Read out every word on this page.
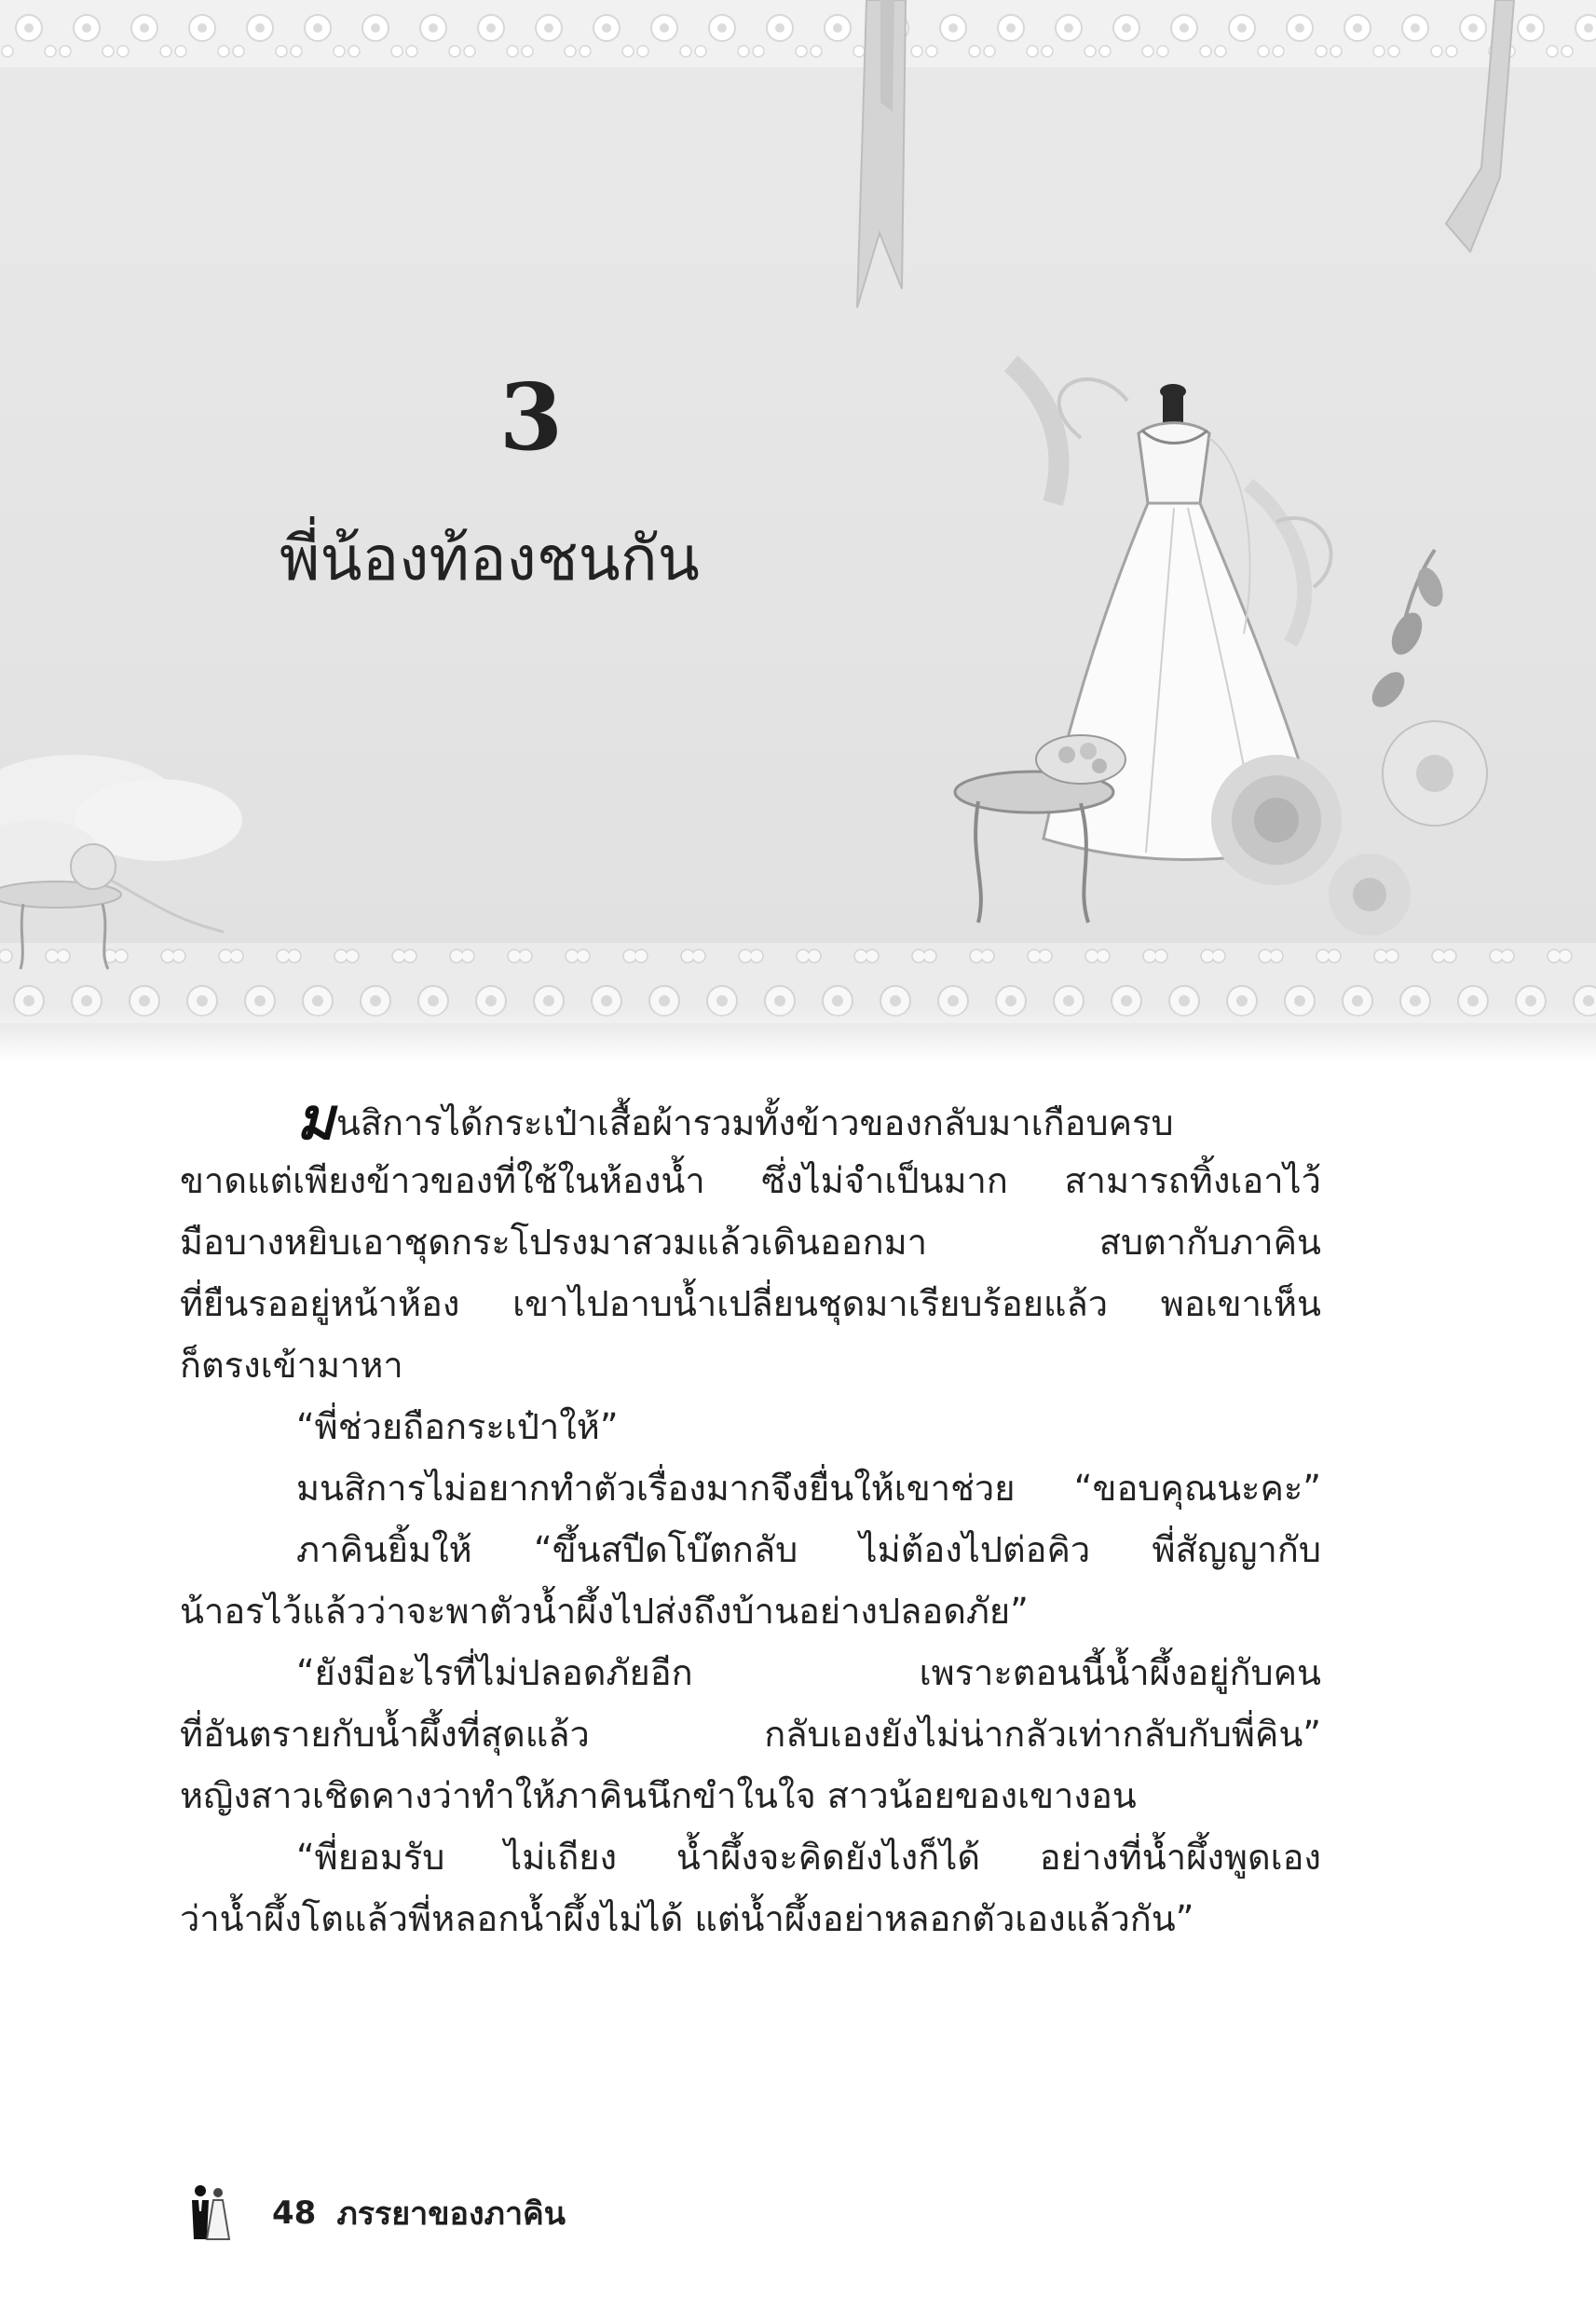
3
พี่น้องท้องชนกัน
มนสิการได้กระเป๋าเสื้อผ้ารวมทั้งข้าวของกลับมาเกือบครบ
ขาดแต่เพียงข้าวของที่ใช้ในห้องน้ำ ซึ่งไม่จำเป็นมาก สามารถทิ้งเอาไว้
มือบางหยิบเอาชุดกระโปรงมาสวมแล้วเดินออกมา สบตากับภาคิน
ที่ยืนรออยู่หน้าห้อง เขาไปอาบน้ำเปลี่ยนชุดมาเรียบร้อยแล้ว พอเขาเห็น
ก็ตรงเข้ามาหา
“พี่ช่วยถือกระเป๋าให้”
มนสิการไม่อยากทำตัวเรื่องมากจึงยื่นให้เขาช่วย “ขอบคุณนะคะ”
ภาคินยิ้มให้ “ขึ้นสปีดโบ๊ตกลับ ไม่ต้องไปต่อคิว พี่สัญญากับ
น้าอรไว้แล้วว่าจะพาตัวน้ำผึ้งไปส่งถึงบ้านอย่างปลอดภัย”
“ยังมีอะไรที่ไม่ปลอดภัยอีก เพราะตอนนี้น้ำผึ้งอยู่กับคน
ที่อันตรายกับน้ำผึ้งที่สุดแล้ว กลับเองยังไม่น่ากลัวเท่ากลับกับพี่คิน”
หญิงสาวเชิดคางว่าทำให้ภาคินนึกขำในใจ สาวน้อยของเขางอน
“พี่ยอมรับ ไม่เถียง น้ำผึ้งจะคิดยังไงก็ได้ อย่างที่น้ำผึ้งพูดเอง
ว่าน้ำผึ้งโตแล้วพี่หลอกน้ำผึ้งไม่ได้ แต่น้ำผึ้งอย่าหลอกตัวเองแล้วกัน”
48 ภรรยาของภาคิน
